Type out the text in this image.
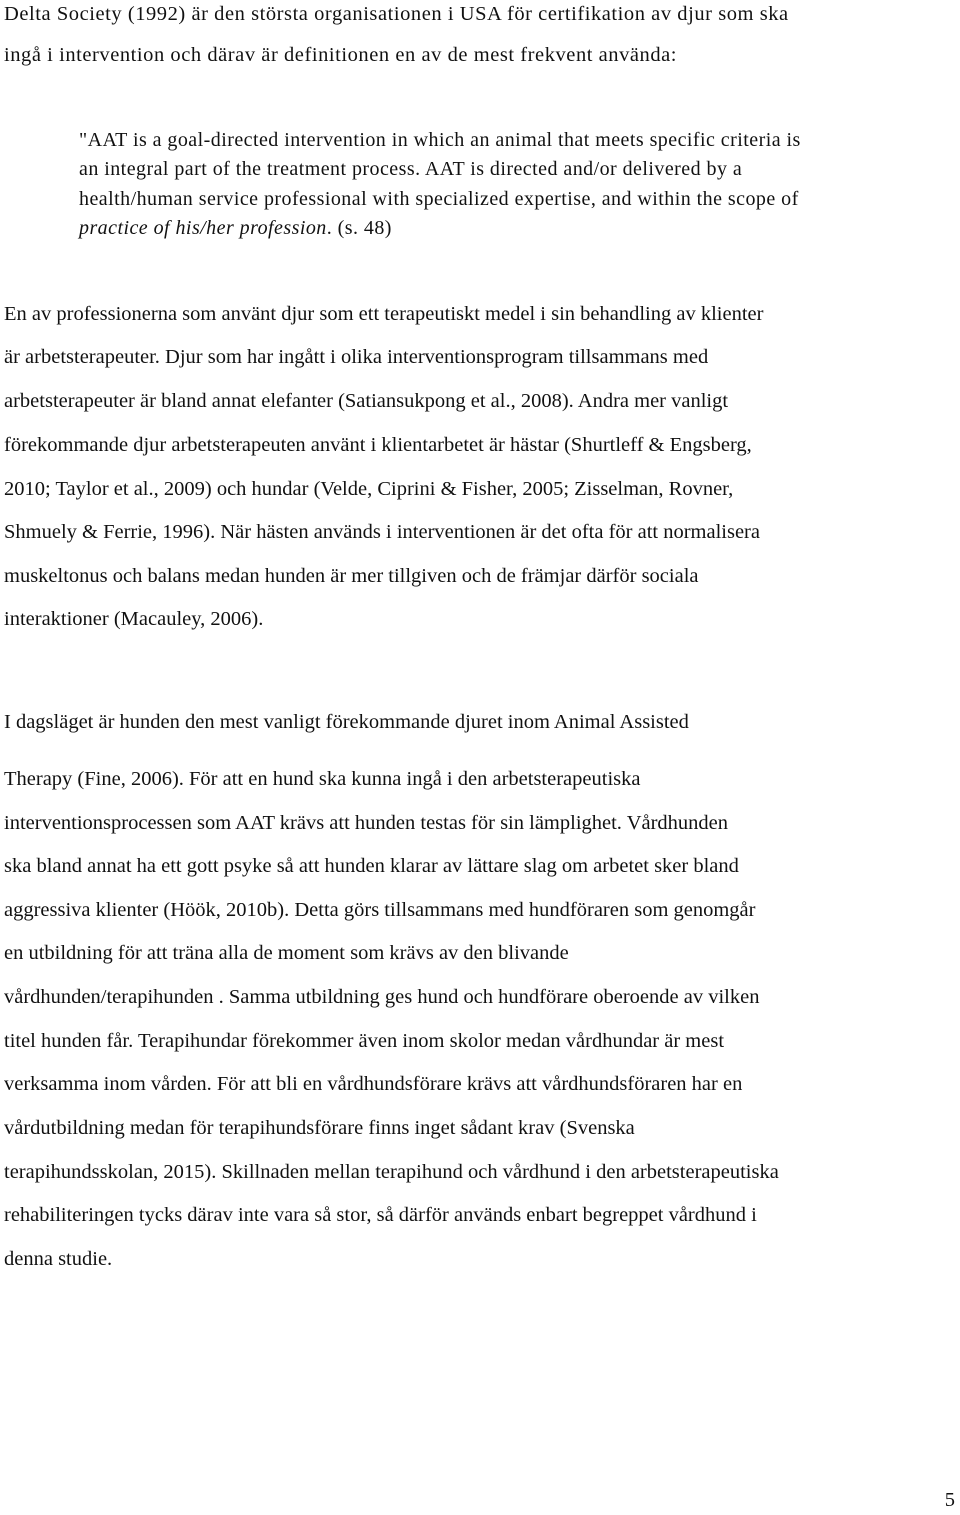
Delta Society (1992) är den största organisationen i USA för certifikation av djur som ska
ingå i intervention och därav är definitionen en av de mest frekvent använda:
"AAT is a goal-directed intervention in which an animal that meets specific criteria is
an integral part of the treatment process. AAT is directed and/or delivered by a
health/human service professional with specialized expertise, and within the scope of
practice of his/her profession. (s. 48)
En av professionerna som använt djur som ett terapeutiskt medel i sin behandling av klienter
är arbetsterapeuter. Djur som har ingått i olika interventionsprogram tillsammans med
arbetsterapeuter är bland annat elefanter (Satiansukpong et al., 2008). Andra mer vanligt
förekommande djur arbetsterapeuten använt i klientarbetet är hästar (Shurtleff & Engsberg,
2010; Taylor et al., 2009) och hundar (Velde, Ciprini & Fisher, 2005; Zisselman, Rovner,
Shmuely & Ferrie, 1996). När hästen används i interventionen är det ofta för att normalisera
muskeltonus och balans medan hunden är mer tillgiven och de främjar därför sociala
interaktioner (Macauley, 2006).
I dagsläget är hunden den mest vanligt förekommande djuret inom Animal Assisted
Therapy (Fine, 2006). För att en hund ska kunna ingå i den arbetsterapeutiska
interventionsprocessen som AAT krävs att hunden testas för sin lämplighet. Vårdhunden
ska bland annat ha ett gott psyke så att hunden klarar av lättare slag om arbetet sker bland
aggressiva klienter (Höök, 2010b). Detta görs tillsammans med hundföraren som genomgår
en utbildning för att träna alla de moment som krävs av den blivande
vårdhunden/terapihunden . Samma utbildning ges hund och hundförare oberoende av vilken
titel hunden får. Terapihundar förekommer även inom skolor medan vårdhundar är mest
verksamma inom vården. För att bli en vårdhundsförare krävs att vårdhundsföraren har en
vårdutbildning medan för terapihundsförare finns inget sådant krav (Svenska
terapihundsskolan, 2015). Skillnaden mellan terapihund och vårdhund i den arbetsterapeutiska
rehabiliteringen tycks därav inte vara så stor, så därför används enbart begreppet vårdhund i
denna studie.
5
